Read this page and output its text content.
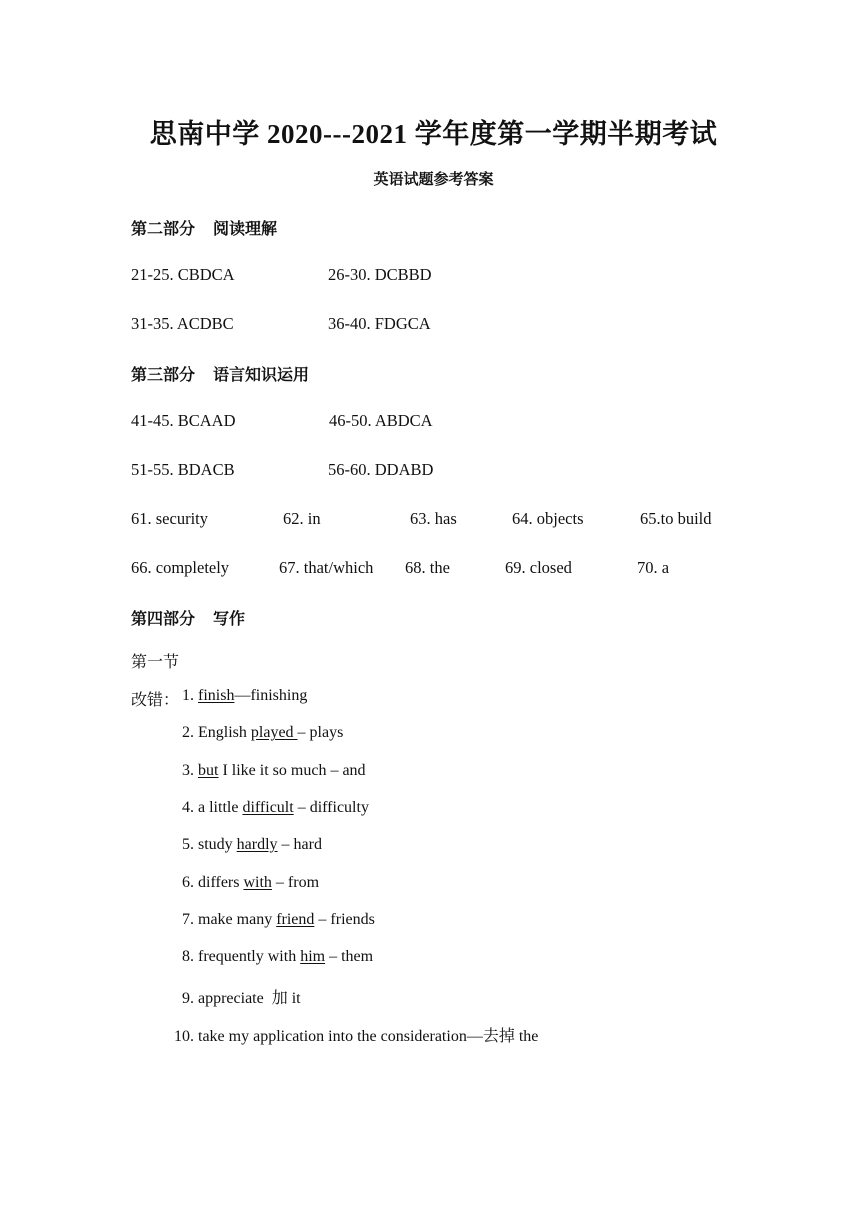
思南中学 2020---2021 学年度第一学期半期考试
英语试题参考答案
第二部分 阅读理解
21-25. CBDCA	26-30. DCBBD
31-35. ACDBC	36-40. FDGCA
第三部分 语言知识运用
41-45. BCAAD	46-50. ABDCA
51-55. BDACB	56-60. DDABD
61. security	62. in	63. has	64. objects	65.to build
66. completely	67. that/which 68. the	69. closed	70. a
第四部分 写作
第一节
改错： 1. finish—finishing
2. English played – plays
3. but I like it so much – and
4. a little difficult – difficulty
5. study hardly – hard
6. differs with – from
7. make many friend – friends
8. frequently with him – them
9. appreciate  加 it
10. take my application into the consideration—去掉 the
